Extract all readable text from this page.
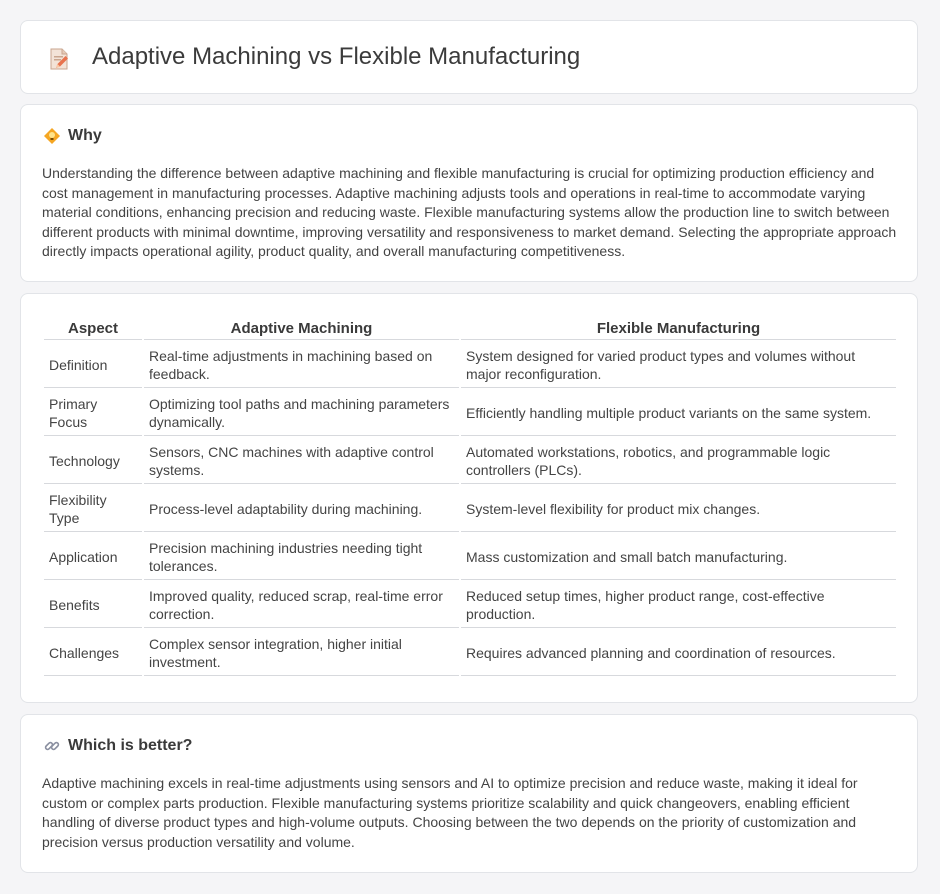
Adaptive Machining vs Flexible Manufacturing
Why

Understanding the difference between adaptive machining and flexible manufacturing is crucial for optimizing production efficiency and cost management in manufacturing processes. Adaptive machining adjusts tools and operations in real-time to accommodate varying material conditions, enhancing precision and reducing waste. Flexible manufacturing systems allow the production line to switch between different products with minimal downtime, improving versatility and responsiveness to market demand. Selecting the appropriate approach directly impacts operational agility, product quality, and overall manufacturing competitiveness.

Aspect	Adaptive Machining	Flexible Manufacturing
Definition	Real-time adjustments in machining based on feedback.	System designed for varied product types and volumes without major reconfiguration.
Primary Focus	Optimizing tool paths and machining parameters dynamically.	Efficiently handling multiple product variants on the same system.
Technology	Sensors, CNC machines with adaptive control systems.	Automated workstations, robotics, and programmable logic controllers (PLCs).
Flexibility Type	Process-level adaptability during machining.	System-level flexibility for product mix changes.
Application	Precision machining industries needing tight tolerances.	Mass customization and small batch manufacturing.
Benefits	Improved quality, reduced scrap, real-time error correction.	Reduced setup times, higher product range, cost-effective production.
Challenges	Complex sensor integration, higher initial investment.	Requires advanced planning and coordination of resources.
Which is better?

Adaptive machining excels in real-time adjustments using sensors and AI to optimize precision and reduce waste, making it ideal for custom or complex parts production. Flexible manufacturing systems prioritize scalability and quick changeovers, enabling efficient handling of diverse product types and high-volume outputs. Choosing between the two depends on the priority of customization and precision versus production versatility and volume.
